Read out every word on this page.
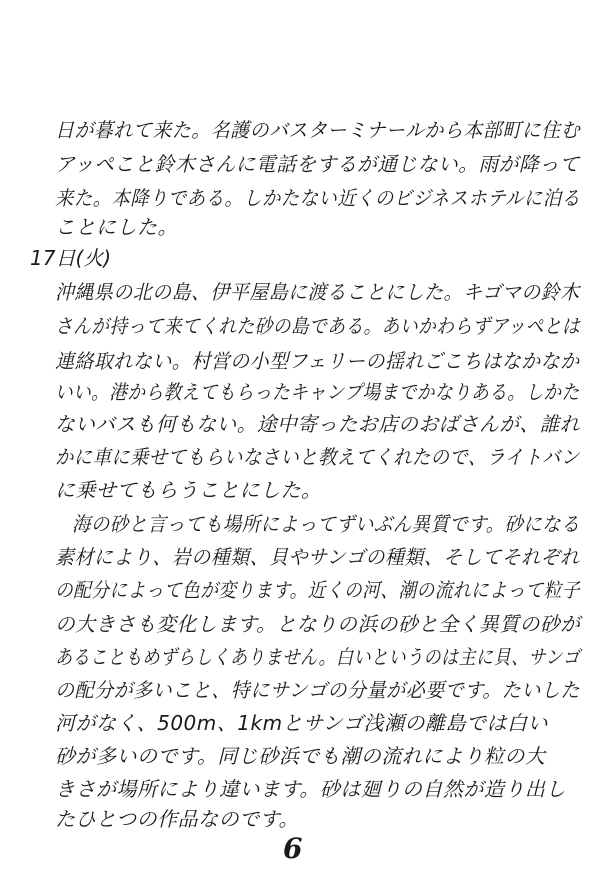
日が暮れて来た。名護のバスターミナールから本部町に住む
アッペこと鈴木さんに電話をするが通じない。雨が降って
来た。本降りである。しかたない近くのビジネスホテルに泊る
ことにした。
17日(火)
沖縄県の北の島、伊平屋島に渡ることにした。キゴマの鈴木
さんが持って来てくれた砂の島である。あいかわらずアッペとは
連絡取れない。村営の小型フェリーの揺れごこちはなかなか
いい。港から教えてもらったキャンプ場までかなりある。しかた
ないバスも何もない。途中寄ったお店のおばさんが、誰れ
かに車に乗せてもらいなさいと教えてくれたので、ライトバン
に乗せてもらうことにした。
海の砂と言っても場所によってずいぶん異質です。砂になる
素材により、岩の種類、貝やサンゴの種類、そしてそれぞれ
の配分によって色が変ります。近くの河、潮の流れによって粒子
の大きさも変化します。となりの浜の砂と全く異質の砂が
あることもめずらしくありません。白いというのは主に貝、サンゴ
の配分が多いこと、特にサンゴの分量が必要です。たいした
河がなく、500m、1kmとサンゴ浅瀬の離島では白い
砂が多いのです。同じ砂浜でも潮の流れにより粒の大
きさが場所により違います。砂は廻りの自然が造り出し
たひとつの作品なのです。
6
